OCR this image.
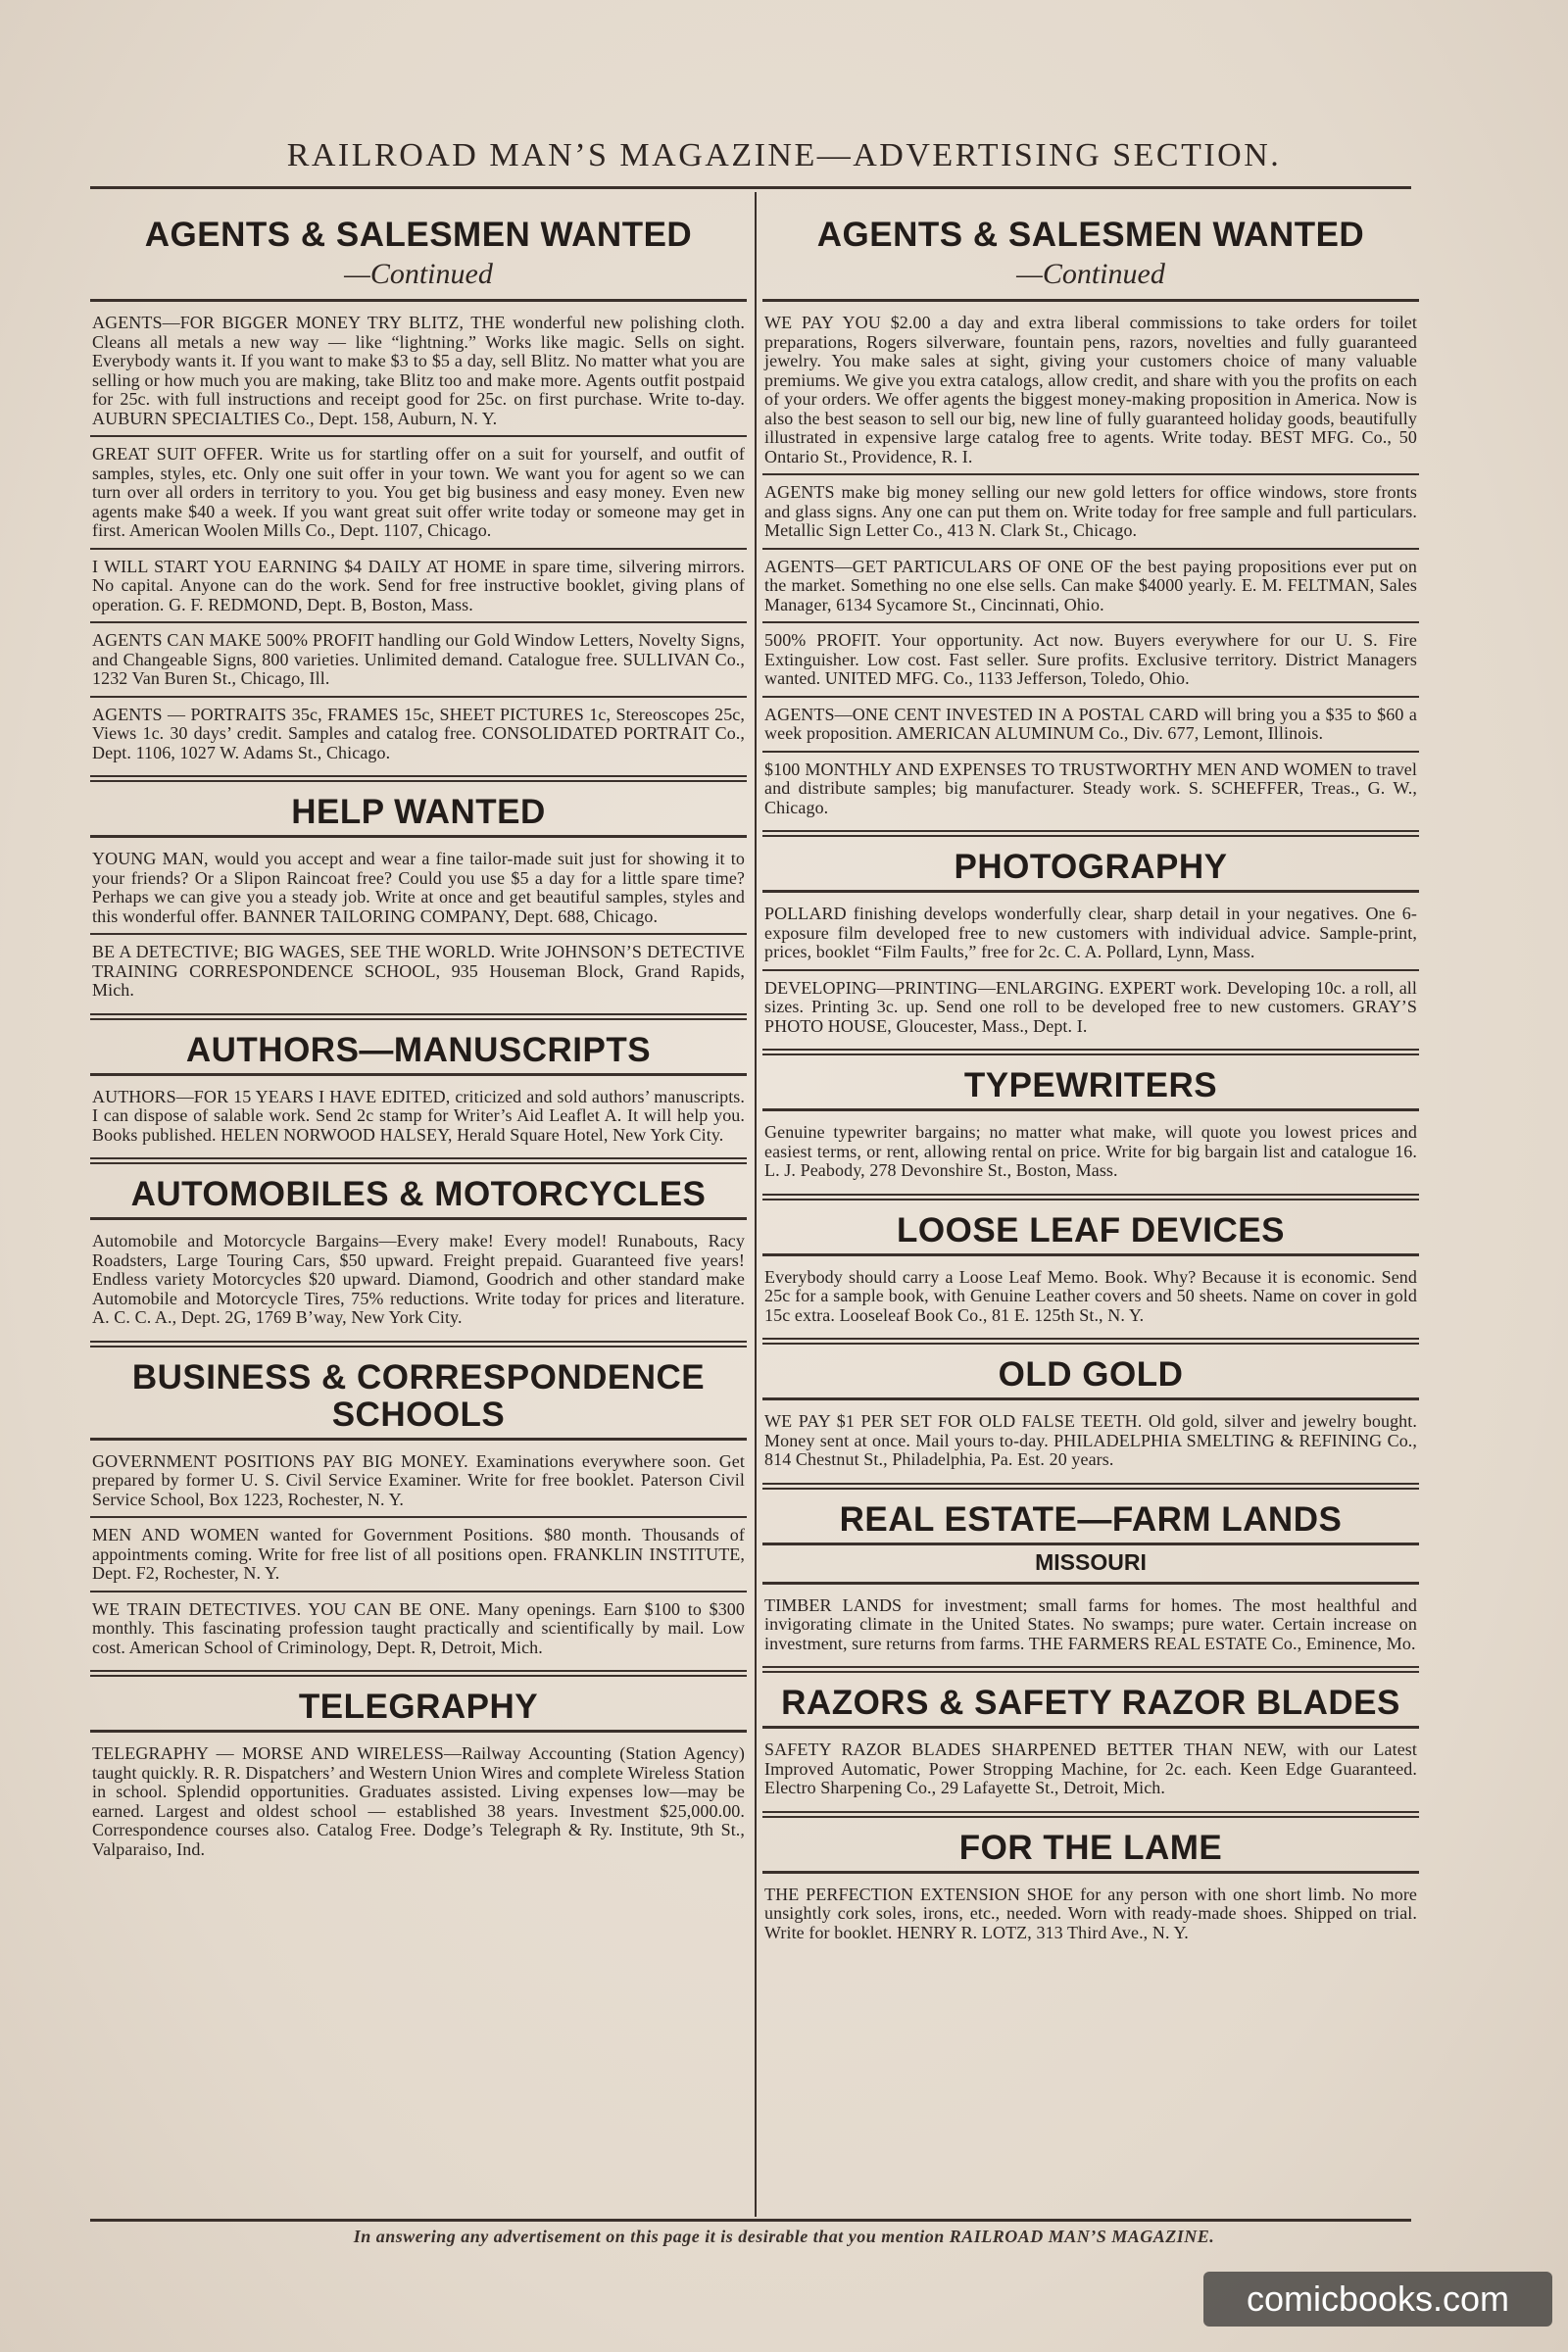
RAILROAD MAN’S MAGAZINE—ADVERTISING SECTION.
AGENTS & SALESMEN WANTED
—Continued
AGENTS—FOR BIGGER MONEY TRY BLITZ, THE wonderful new polishing cloth. Cleans all metals a new way — like “lightning.” Works like magic. Sells on sight. Everybody wants it. If you want to make $3 to $5 a day, sell Blitz. No matter what you are selling or how much you are making, take Blitz too and make more. Agents outfit postpaid for 25c. with full instructions and receipt good for 25c. on first purchase. Write to-day. AUBURN SPECIALTIES Co., Dept. 158, Auburn, N. Y.
GREAT SUIT OFFER. Write us for startling offer on a suit for yourself, and outfit of samples, styles, etc. Only one suit offer in your town. We want you for agent so we can turn over all orders in territory to you. You get big business and easy money. Even new agents make $40 a week. If you want great suit offer write today or someone may get in first. American Woolen Mills Co., Dept. 1107, Chicago.
I WILL START YOU EARNING $4 DAILY AT HOME in spare time, silvering mirrors. No capital. Anyone can do the work. Send for free instructive booklet, giving plans of operation. G. F. REDMOND, Dept. B, Boston, Mass.
AGENTS CAN MAKE 500% PROFIT handling our Gold Window Letters, Novelty Signs, and Changeable Signs, 800 varieties. Unlimited demand. Catalogue free. SULLIVAN Co., 1232 Van Buren St., Chicago, Ill.
AGENTS — PORTRAITS 35c, FRAMES 15c, SHEET PICTURES 1c, Stereoscopes 25c, Views 1c. 30 days’ credit. Samples and catalog free. CONSOLIDATED PORTRAIT Co., Dept. 1106, 1027 W. Adams St., Chicago.
HELP WANTED
YOUNG MAN, would you accept and wear a fine tailor-made suit just for showing it to your friends? Or a Slipon Raincoat free? Could you use $5 a day for a little spare time? Perhaps we can give you a steady job. Write at once and get beautiful samples, styles and this wonderful offer. BANNER TAILORING COMPANY, Dept. 688, Chicago.
BE A DETECTIVE; BIG WAGES, SEE THE WORLD. Write JOHNSON’S DETECTIVE TRAINING CORRESPONDENCE SCHOOL, 935 Houseman Block, Grand Rapids, Mich.
AUTHORS—MANUSCRIPTS
AUTHORS—FOR 15 YEARS I HAVE EDITED, criticized and sold authors’ manuscripts. I can dispose of salable work. Send 2c stamp for Writer’s Aid Leaflet A. It will help you. Books published. HELEN NORWOOD HALSEY, Herald Square Hotel, New York City.
AUTOMOBILES & MOTORCYCLES
Automobile and Motorcycle Bargains—Every make! Every model! Runabouts, Racy Roadsters, Large Touring Cars, $50 upward. Freight prepaid. Guaranteed five years! Endless variety Motorcycles $20 upward. Diamond, Goodrich and other standard make Automobile and Motorcycle Tires, 75% reductions. Write today for prices and literature. A. C. C. A., Dept. 2G, 1769 B’way, New York City.
BUSINESS & CORRESPONDENCE SCHOOLS
GOVERNMENT POSITIONS PAY BIG MONEY. Examinations everywhere soon. Get prepared by former U. S. Civil Service Examiner. Write for free booklet. Paterson Civil Service School, Box 1223, Rochester, N. Y.
MEN AND WOMEN wanted for Government Positions. $80 month. Thousands of appointments coming. Write for free list of all positions open. FRANKLIN INSTITUTE, Dept. F2, Rochester, N. Y.
WE TRAIN DETECTIVES. YOU CAN BE ONE. Many openings. Earn $100 to $300 monthly. This fascinating profession taught practically and scientifically by mail. Low cost. American School of Criminology, Dept. R, Detroit, Mich.
TELEGRAPHY
TELEGRAPHY — MORSE AND WIRELESS—Railway Accounting (Station Agency) taught quickly. R. R. Dispatchers’ and Western Union Wires and complete Wireless Station in school. Splendid opportunities. Graduates assisted. Living expenses low—may be earned. Largest and oldest school — established 38 years. Investment $25,000.00. Correspondence courses also. Catalog Free. Dodge’s Telegraph & Ry. Institute, 9th St., Valparaiso, Ind.
AGENTS & SALESMEN WANTED
—Continued
WE PAY YOU $2.00 a day and extra liberal commissions to take orders for toilet preparations, Rogers silverware, fountain pens, razors, novelties and fully guaranteed jewelry. You make sales at sight, giving your customers choice of many valuable premiums. We give you extra catalogs, allow credit, and share with you the profits on each of your orders. We offer agents the biggest money-making proposition in America. Now is also the best season to sell our big, new line of fully guaranteed holiday goods, beautifully illustrated in expensive large catalog free to agents. Write today. BEST MFG. Co., 50 Ontario St., Providence, R. I.
AGENTS make big money selling our new gold letters for office windows, store fronts and glass signs. Any one can put them on. Write today for free sample and full particulars. Metallic Sign Letter Co., 413 N. Clark St., Chicago.
AGENTS—GET PARTICULARS OF ONE OF the best paying propositions ever put on the market. Something no one else sells. Can make $4000 yearly. E. M. FELTMAN, Sales Manager, 6134 Sycamore St., Cincinnati, Ohio.
500% PROFIT. Your opportunity. Act now. Buyers everywhere for our U. S. Fire Extinguisher. Low cost. Fast seller. Sure profits. Exclusive territory. District Managers wanted. UNITED MFG. Co., 1133 Jefferson, Toledo, Ohio.
AGENTS—ONE CENT INVESTED IN A POSTAL CARD will bring you a $35 to $60 a week proposition. AMERICAN ALUMINUM Co., Div. 677, Lemont, Illinois.
$100 MONTHLY AND EXPENSES TO TRUSTWORTHY MEN AND WOMEN to travel and distribute samples; big manufacturer. Steady work. S. SCHEFFER, Treas., G. W., Chicago.
PHOTOGRAPHY
POLLARD finishing develops wonderfully clear, sharp detail in your negatives. One 6-exposure film developed free to new customers with individual advice. Sample-print, prices, booklet “Film Faults,” free for 2c. C. A. Pollard, Lynn, Mass.
DEVELOPING—PRINTING—ENLARGING. EXPERT work. Developing 10c. a roll, all sizes. Printing 3c. up. Send one roll to be developed free to new customers. GRAY’S PHOTO HOUSE, Gloucester, Mass., Dept. I.
TYPEWRITERS
Genuine typewriter bargains; no matter what make, will quote you lowest prices and easiest terms, or rent, allowing rental on price. Write for big bargain list and catalogue 16. L. J. Peabody, 278 Devonshire St., Boston, Mass.
LOOSE LEAF DEVICES
Everybody should carry a Loose Leaf Memo. Book. Why? Because it is economic. Send 25c for a sample book, with Genuine Leather covers and 50 sheets. Name on cover in gold 15c extra. Looseleaf Book Co., 81 E. 125th St., N. Y.
OLD GOLD
WE PAY $1 PER SET FOR OLD FALSE TEETH. Old gold, silver and jewelry bought. Money sent at once. Mail yours to-day. PHILADELPHIA SMELTING & REFINING Co., 814 Chestnut St., Philadelphia, Pa. Est. 20 years.
REAL ESTATE—FARM LANDS
MISSOURI
TIMBER LANDS for investment; small farms for homes. The most healthful and invigorating climate in the United States. No swamps; pure water. Certain increase on investment, sure returns from farms. THE FARMERS REAL ESTATE Co., Eminence, Mo.
RAZORS & SAFETY RAZOR BLADES
SAFETY RAZOR BLADES SHARPENED BETTER THAN NEW, with our Latest Improved Automatic, Power Stropping Machine, for 2c. each. Keen Edge Guaranteed. Electro Sharpening Co., 29 Lafayette St., Detroit, Mich.
FOR THE LAME
THE PERFECTION EXTENSION SHOE for any person with one short limb. No more unsightly cork soles, irons, etc., needed. Worn with ready-made shoes. Shipped on trial. Write for booklet. HENRY R. LOTZ, 313 Third Ave., N. Y.
In answering any advertisement on this page it is desirable that you mention RAILROAD MAN’S MAGAZINE.
comicbooks.com
